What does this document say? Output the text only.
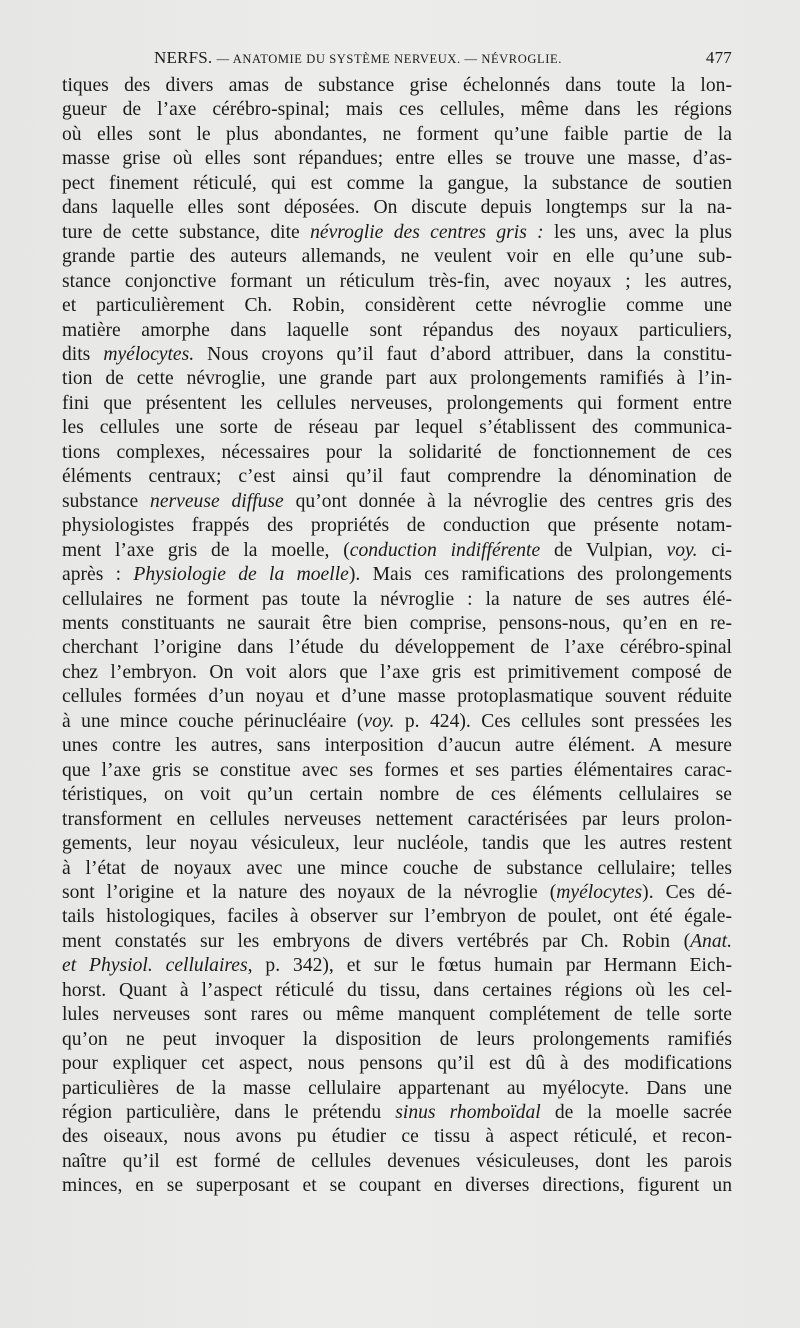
NERFS. — ANATOMIE DU SYSTÈME NERVEUX. — NÉVROGLIE.	477
tiques des divers amas de substance grise échelonnés dans toute la lon-
gueur de l’axe cérébro-spinal; mais ces cellules, même dans les régions
où elles sont le plus abondantes, ne forment qu’une faible partie de la
masse grise où elles sont répandues; entre elles se trouve une masse, d’as-
pect finement réticulé, qui est comme la gangue, la substance de soutien
dans laquelle elles sont déposées. On discute depuis longtemps sur la na-
ture de cette substance, dite névroglie des centres gris : les uns, avec la plus
grande partie des auteurs allemands, ne veulent voir en elle qu’une sub-
stance conjonctive formant un réticulum très-fin, avec noyaux ; les autres,
et particulièrement Ch. Robin, considèrent cette névroglie comme une
matière amorphe dans laquelle sont répandus des noyaux particuliers,
dits myélocytes. Nous croyons qu’il faut d’abord attribuer, dans la constitu-
tion de cette névroglie, une grande part aux prolongements ramifiés à l’in-
fini que présentent les cellules nerveuses, prolongements qui forment entre
les cellules une sorte de réseau par lequel s’établissent des communica-
tions complexes, nécessaires pour la solidarité de fonctionnement de ces
éléments centraux; c’est ainsi qu’il faut comprendre la dénomination de
substance nerveuse diffuse qu’ont donnée à la névroglie des centres gris des
physiologistes frappés des propriétés de conduction que présente notam-
ment l’axe gris de la moelle, (conduction indifférente de Vulpian, voy. ci-
après : Physiologie de la moelle). Mais ces ramifications des prolongements
cellulaires ne forment pas toute la névroglie : la nature de ses autres élé-
ments constituants ne saurait être bien comprise, pensons-nous, qu’en en re-
cherchant l’origine dans l’étude du développement de l’axe cérébro-spinal
chez l’embryon. On voit alors que l’axe gris est primitivement composé de
cellules formées d’un noyau et d’une masse protoplasmatique souvent réduite
à une mince couche périnucléaire (voy. p. 424). Ces cellules sont pressées les
unes contre les autres, sans interposition d’aucun autre élément. A mesure
que l’axe gris se constitue avec ses formes et ses parties élémentaires carac-
téristiques, on voit qu’un certain nombre de ces éléments cellulaires se
transforment en cellules nerveuses nettement caractérisées par leurs prolon-
gements, leur noyau vésiculeux, leur nucléole, tandis que les autres restent
à l’état de noyaux avec une mince couche de substance cellulaire; telles
sont l’origine et la nature des noyaux de la névroglie (myélocytes). Ces dé-
tails histologiques, faciles à observer sur l’embryon de poulet, ont été égale-
ment constatés sur les embryons de divers vertébrés par Ch. Robin (Anat.
et Physiol. cellulaires, p. 342), et sur le fœtus humain par Hermann Eich-
horst. Quant à l’aspect réticulé du tissu, dans certaines régions où les cel-
lules nerveuses sont rares ou même manquent complétement de telle sorte
qu’on ne peut invoquer la disposition de leurs prolongements ramifiés
pour expliquer cet aspect, nous pensons qu’il est dû à des modifications
particulières de la masse cellulaire appartenant au myélocyte. Dans une
région particulière, dans le prétendu sinus rhomboïdal de la moelle sacrée
des oiseaux, nous avons pu étudier ce tissu à aspect réticulé, et recon-
naître qu’il est formé de cellules devenues vésiculeuses, dont les parois
minces, en se superposant et se coupant en diverses directions, figurent un
